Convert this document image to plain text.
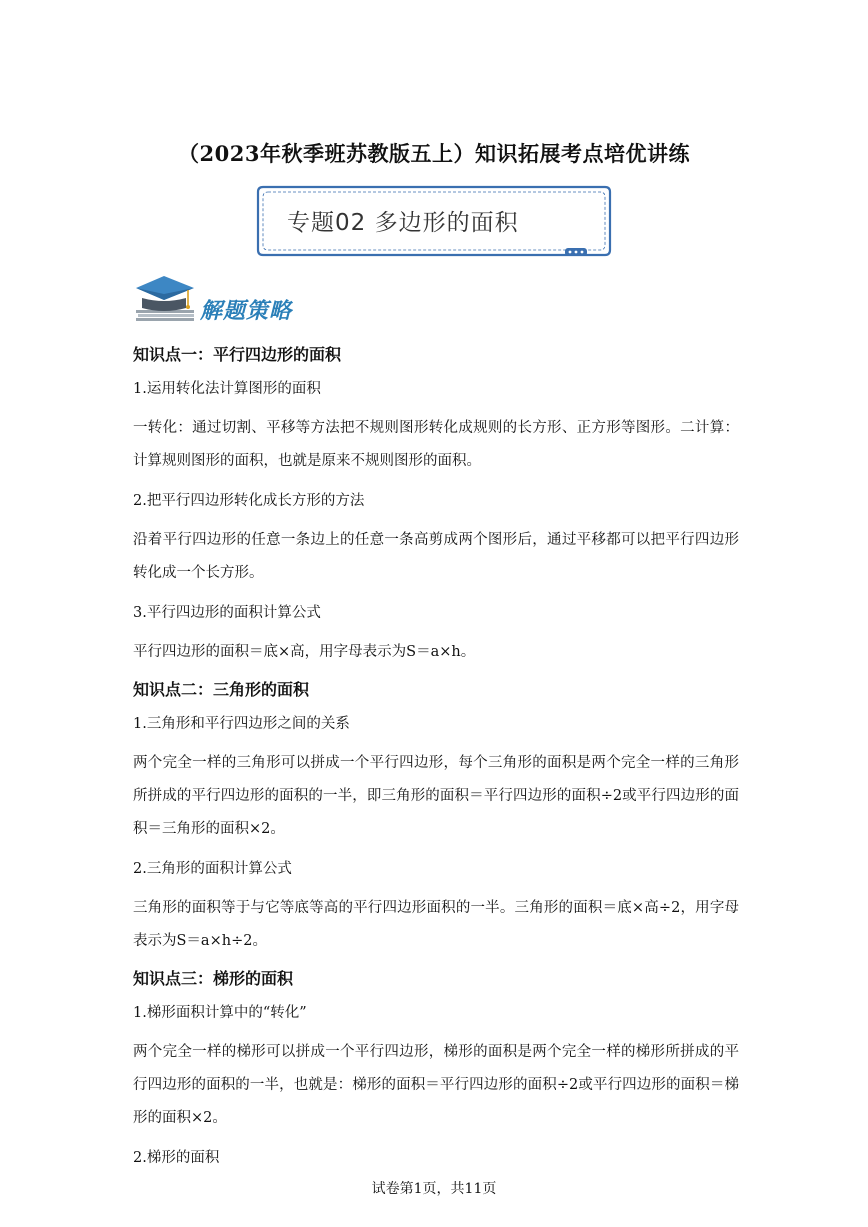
（2023年秋季班苏教版五上）知识拓展考点培优讲练
专题02 多边形的面积
解题策略
知识点一：平行四边形的面积
1.运用转化法计算图形的面积

一转化：通过切割、平移等方法把不规则图形转化成规则的长方形、正方形等图形。二计算：计算规则图形的面积，也就是原来不规则图形的面积。

2.把平行四边形转化成长方形的方法

沿着平行四边形的任意一条边上的任意一条高剪成两个图形后，通过平移都可以把平行四边形转化成一个长方形。

3.平行四边形的面积计算公式

平行四边形的面积＝底×高，用字母表示为S＝a×h。

知识点二：三角形的面积
1.三角形和平行四边形之间的关系

两个完全一样的三角形可以拼成一个平行四边形，每个三角形的面积是两个完全一样的三角形所拼成的平行四边形的面积的一半，即三角形的面积＝平行四边形的面积÷2或平行四边形的面积＝三角形的面积×2。

2.三角形的面积计算公式

三角形的面积等于与它等底等高的平行四边形面积的一半。三角形的面积＝底×高÷2，用字母表示为S＝a×h÷2。

知识点三：梯形的面积
1.梯形面积计算中的“转化”

两个完全一样的梯形可以拼成一个平行四边形，梯形的面积是两个完全一样的梯形所拼成的平行四边形的面积的一半，也就是：梯形的面积＝平行四边形的面积÷2或平行四边形的面积＝梯形的面积×2。

2.梯形的面积
试卷第1页，共11页
